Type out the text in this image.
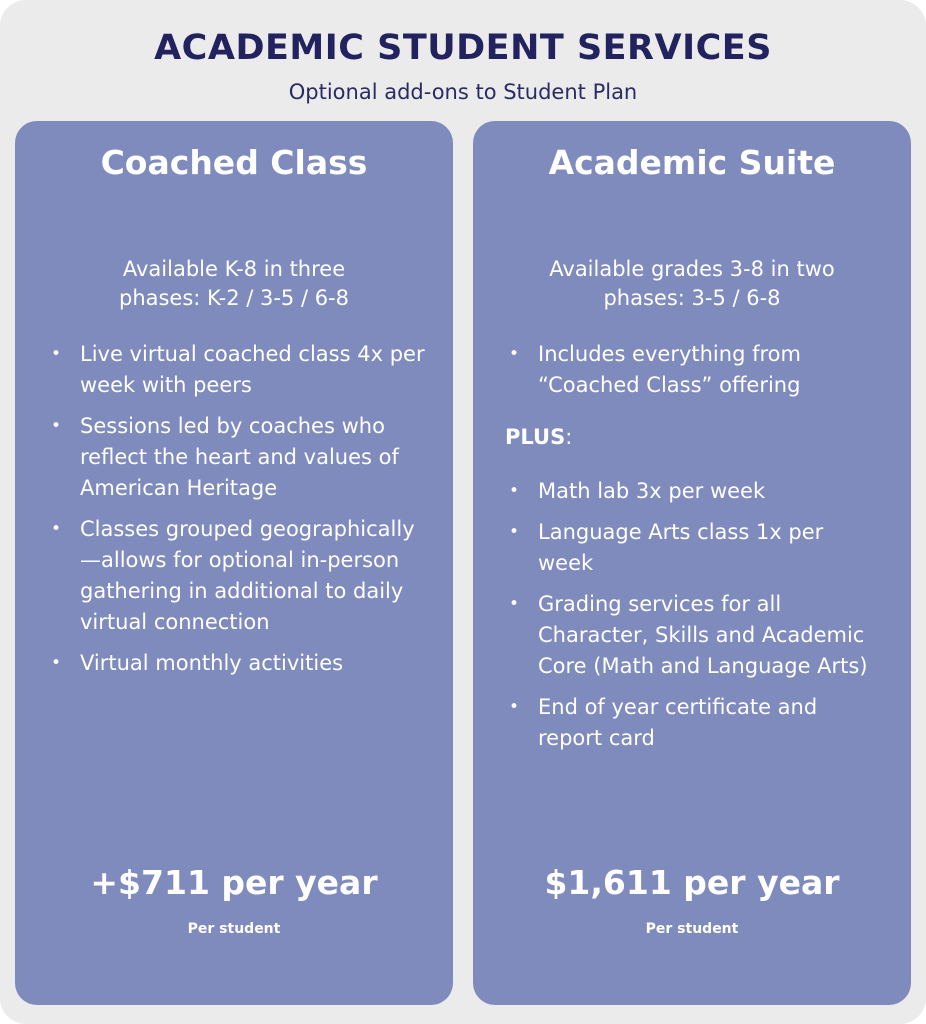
ACADEMIC STUDENT SERVICES

Optional add-ons to Student Plan

Coached Class

Available K-8 in three
phases: K-2 / 3-5 / 6-8

• Live virtual coached class 4x per week with peers
• Sessions led by coaches who reflect the heart and values of American Heritage
• Classes grouped geographically—allows for optional in-person gathering in additional to daily virtual connection
• Virtual monthly activities

+$711 per year

Per student

Academic Suite

Available grades 3-8 in two
phases: 3-5 / 6-8

• Includes everything from “Coached Class” offering

PLUS:

• Math lab 3x per week
• Language Arts class 1x per week
• Grading services for all Character, Skills and Academic Core (Math and Language Arts)
• End of year certificate and report card

$1,611 per year

Per student
